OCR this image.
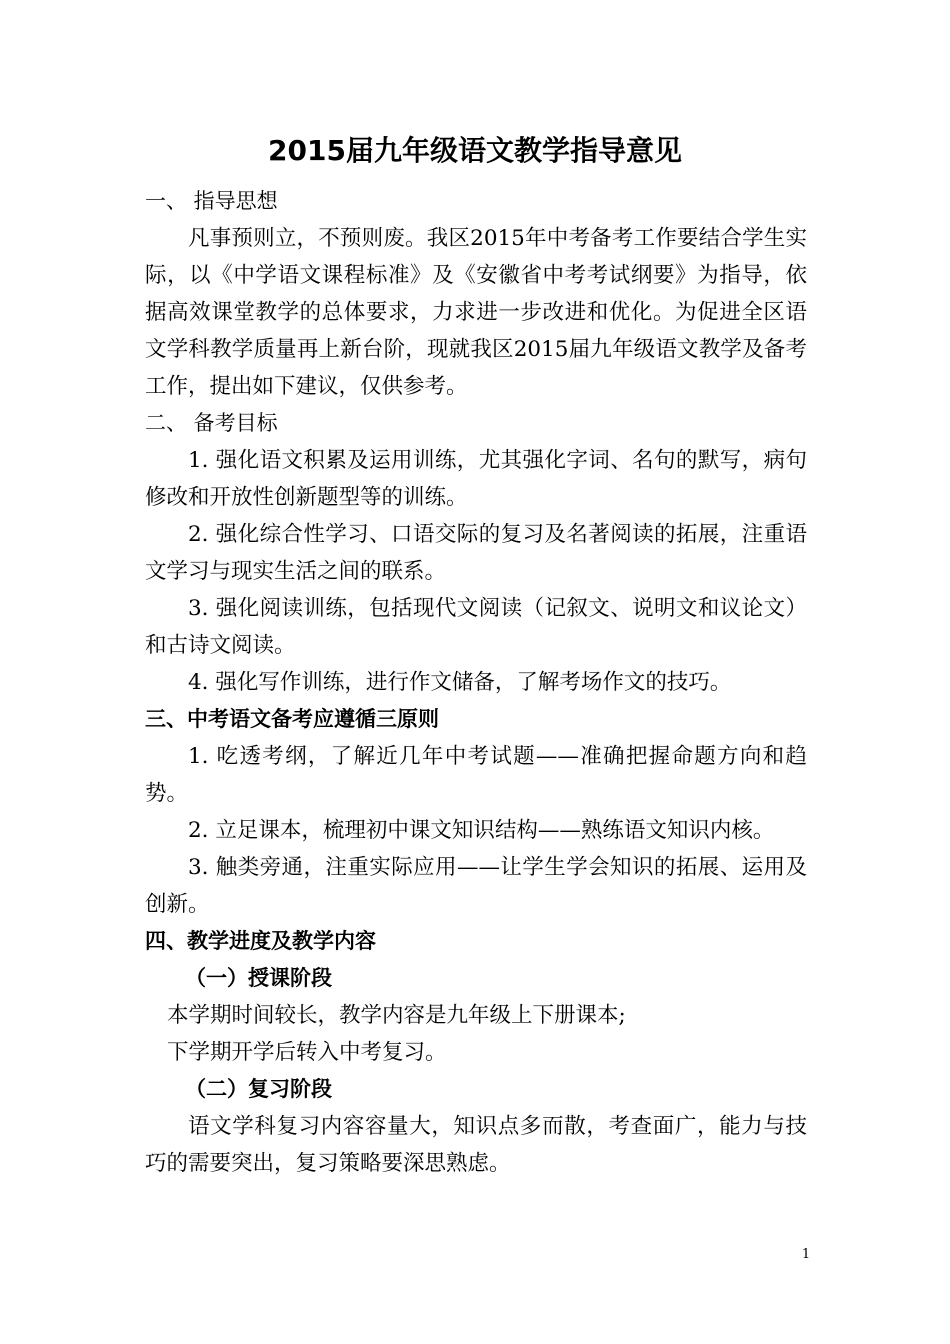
2015届九年级语文教学指导意见
一、 指导思想

凡事预则立，不预则废。我区2015年中考备考工作要结合学生实际，以《中学语文课程标准》及《安徽省中考考试纲要》为指导，依据高效课堂教学的总体要求，力求进一步改进和优化。为促进全区语文学科教学质量再上新台阶，现就我区2015届九年级语文教学及备考工作，提出如下建议，仅供参考。

二、 备考目标

1. 强化语文积累及运用训练，尤其强化字词、名句的默写，病句修改和开放性创新题型等的训练。

2. 强化综合性学习、口语交际的复习及名著阅读的拓展，注重语文学习与现实生活之间的联系。

3. 强化阅读训练，包括现代文阅读（记叙文、说明文和议论文）和古诗文阅读。

4. 强化写作训练，进行作文储备，了解考场作文的技巧。

三、中考语文备考应遵循三原则

1. 吃透考纲，了解近几年中考试题——准确把握命题方向和趋势。

2. 立足课本，梳理初中课文知识结构——熟练语文知识内核。

3. 触类旁通，注重实际应用——让学生学会知识的拓展、运用及创新。

四、教学进度及教学内容
（一）授课阶段
本学期时间较长，教学内容是九年级上下册课本;
下学期开学后转入中考复习。
（二）复习阶段

语文学科复习内容容量大，知识点多而散，考查面广，能力与技巧的需要突出，复习策略要深思熟虑。

1
